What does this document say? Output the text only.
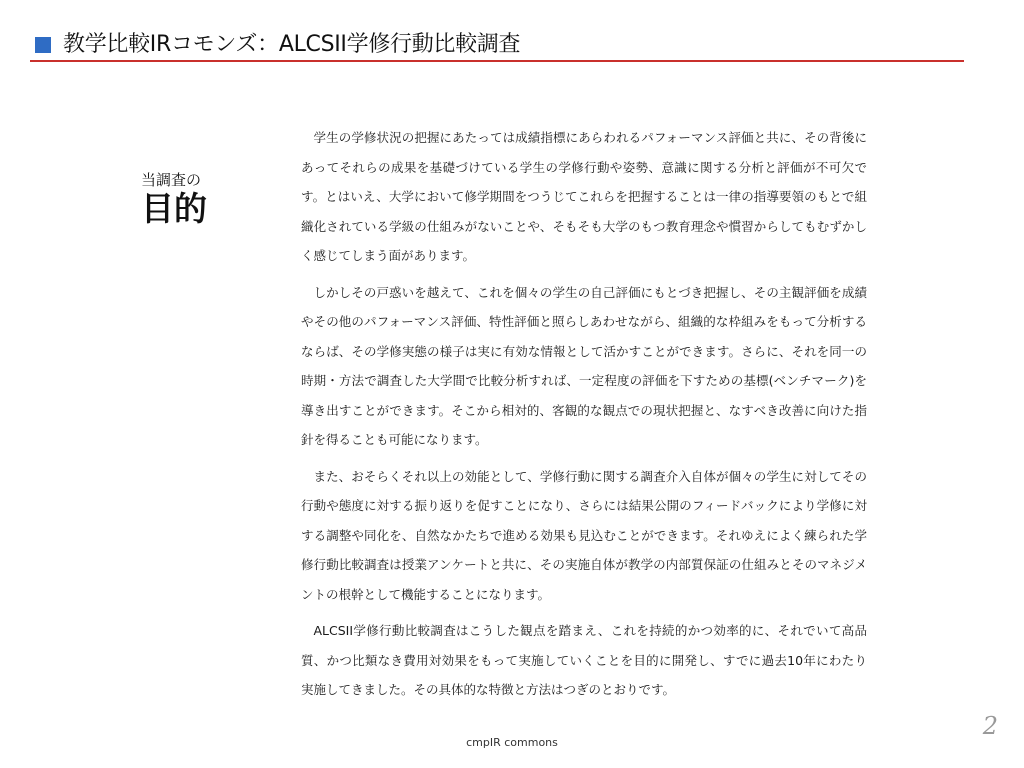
教学比較IRコモンズ：ALCSII学修行動比較調査
当調査の
目的

学生の学修状況の把握にあたっては成績指標にあらわれるパフォーマンス評価と共に、その背後にあってそれらの成果を基礎づけている学生の学修行動や姿勢、意識に関する分析と評価が不可欠です。とはいえ、大学において修学期間をつうじてこれらを把握することは一律の指導要領のもとで組織化されている学級の仕組みがないことや、そもそも大学のもつ教育理念や慣習からしてもむずかしく感じてしまう面があります。

しかしその戸惑いを越えて、これを個々の学生の自己評価にもとづき把握し、その主観評価を成績やその他のパフォーマンス評価、特性評価と照らしあわせながら、組織的な枠組みをもって分析するならば、その学修実態の様子は実に有効な情報として活かすことができます。さらに、それを同一の時期・方法で調査した大学間で比較分析すれば、一定程度の評価を下すための基標(ベンチマーク)を導き出すことができます。そこから相対的、客観的な観点での現状把握と、なすべき改善に向けた指針を得ることも可能になります。

また、おそらくそれ以上の効能として、学修行動に関する調査介入自体が個々の学生に対してその行動や態度に対する振り返りを促すことになり、さらには結果公開のフィードバックにより学修に対する調整や同化を、自然なかたちで進める効果も見込むことができます。それゆえによく練られた学修行動比較調査は授業アンケートと共に、その実施自体が教学の内部質保証の仕組みとそのマネジメントの根幹として機能することになります。

ALCSII学修行動比較調査はこうした観点を踏まえ、これを持続的かつ効率的に、それでいて高品質、かつ比類なき費用対効果をもって実施していくことを目的に開発し、すでに過去10年にわたり実施してきました。その具体的な特徴と方法はつぎのとおりです。

cmpIR commons
2
